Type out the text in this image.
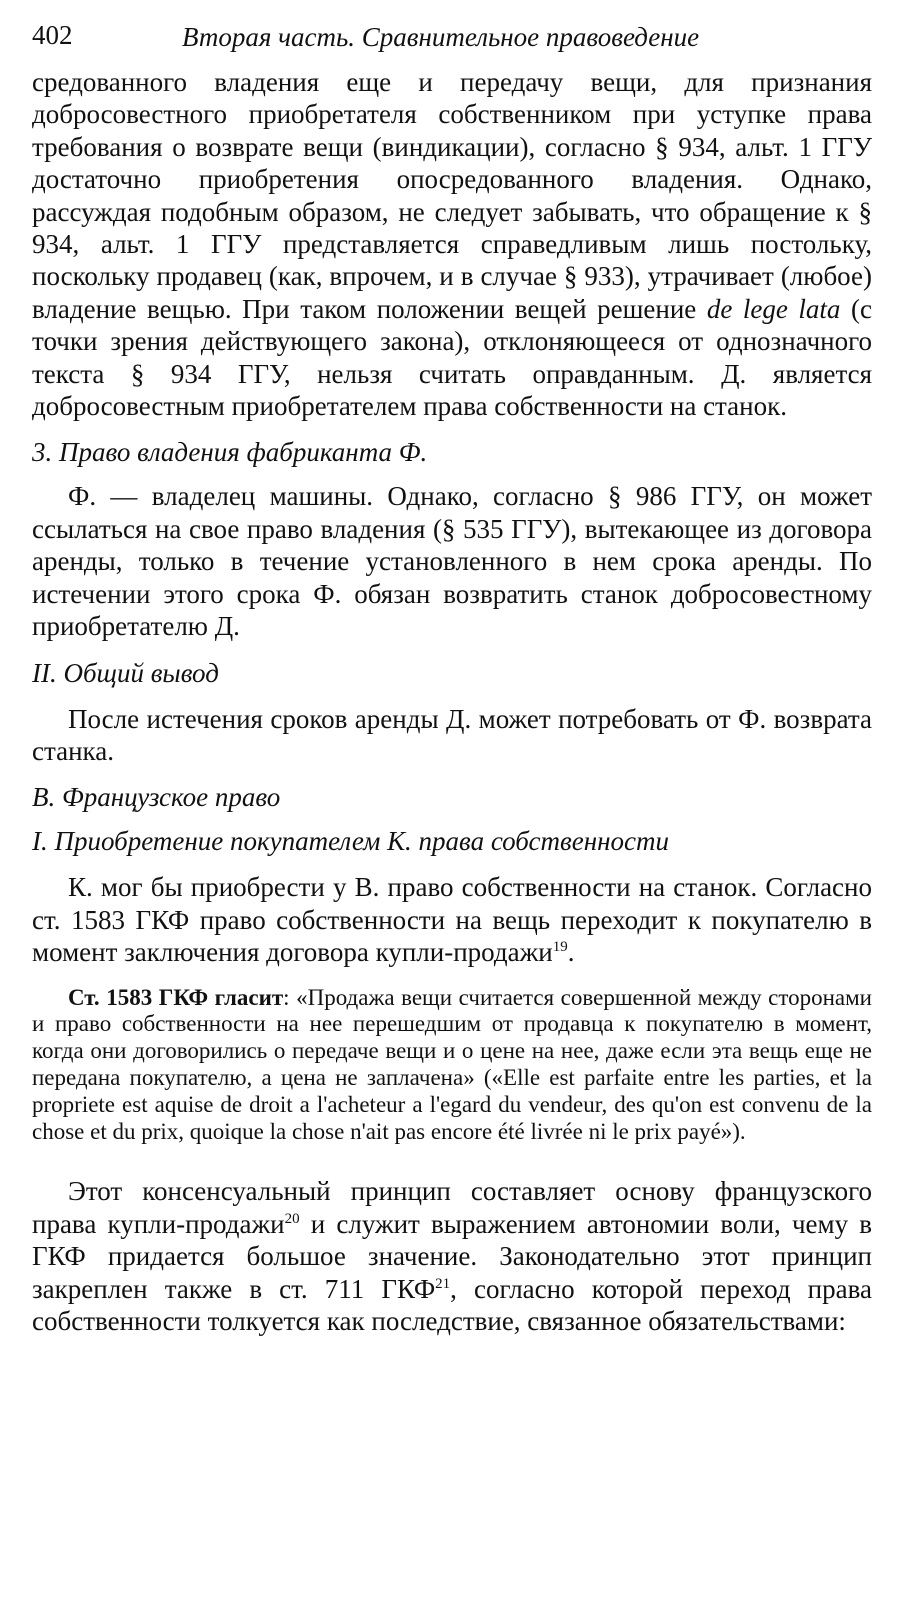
402	Вторая часть. Сравнительное правоведение

средованного владения еще и передачу вещи, для признания добросовестного приобретателя собственником при уступке права требования о возврате вещи (виндикации), согласно § 934, альт. 1 ГГУ достаточно приобретения опосредованного владения. Однако, рассуждая подобным образом, не следует забывать, что обращение к § 934, альт. 1 ГГУ представляется справедливым лишь постольку, поскольку продавец (как, впрочем, и в случае § 933), утрачивает (любое) владение вещью. При таком положении вещей решение de lege lata (с точки зрения действующего закона), отклоняющееся от однозначного текста § 934 ГГУ, нельзя считать оправданным. Д. является добросовестным приобретателем права собственности на станок.

3. Право владения фабриканта Ф.

Ф. — владелец машины. Однако, согласно § 986 ГГУ, он может ссылаться на свое право владения (§ 535 ГГУ), вытекающее из договора аренды, только в течение установленного в нем срока аренды. По истечении этого срока Ф. обязан возвратить станок добросовестному приобретателю Д.

II. Общий вывод

После истечения сроков аренды Д. может потребовать от Ф. возврата станка.

B. Французское право
I. Приобретение покупателем К. права собственности

К. мог бы приобрести у В. право собственности на станок. Согласно ст. 1583 ГКФ право собственности на вещь переходит к покупателю в момент заключения договора купли-продажи$^{19}$.

Ст. 1583 ГКФ гласит: «Продажа вещи считается совершенной между сторонами и право собственности на нее перешедшим от продавца к покупателю в момент, когда они договорились о передаче вещи и о цене на нее, даже если эта вещь еще не передана покупателю, а цена не заплачена» («Elle est parfaite entre les parties, et la propriete est aquise de droit a l'acheteur a l'egard du vendeur, des qu'on est convenu de la chose et du prix, quoique la chose n'ait pas encore été livrée ni le prix payé»).

Этот консенсуальный принцип составляет основу французского права купли-продажи$^{20}$ и служит выражением автономии воли, чему в ГКФ придается большое значение. Законодательно этот принцип закреплен также в ст. 711 ГКФ$^{21}$, согласно которой переход права собственности толкуется как последствие, связанное обязательствами:
